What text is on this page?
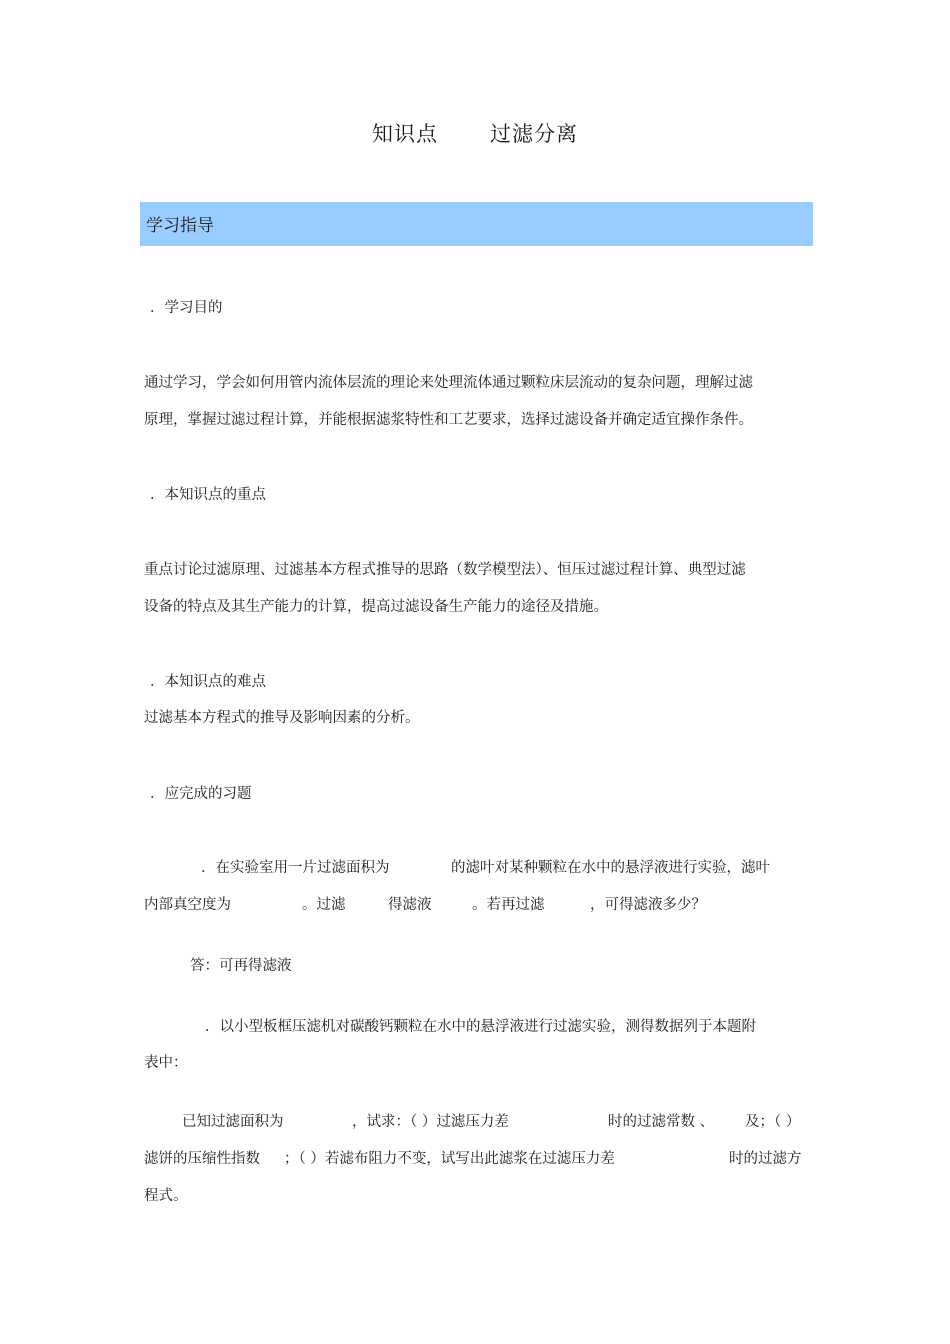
知识点 过滤分离
学习指导
．学习目的
通过学习，学会如何用管内流体层流的理论来处理流体通过颗粒床层流动的复杂问题，理解过滤
原理，掌握过滤过程计算，并能根据滤浆特性和工艺要求，选择过滤设备并确定适宜操作条件。
．本知识点的重点
重点讨论过滤原理、过滤基本方程式推导的思路（数学模型法）、恒压过滤过程计算、典型过滤
设备的特点及其生产能力的计算，提高过滤设备生产能力的途径及措施。
．本知识点的难点
过滤基本方程式的推导及影响因素的分析。
．应完成的习题
．在实验室用一片过滤面积为	的滤叶对某种颗粒在水中的悬浮液进行实验，滤叶
内部真空度为	。过滤	得滤液	。若再过滤	，可得滤液多少？
答：可再得滤液
．以小型板框压滤机对碳酸钙颗粒在水中的悬浮液进行过滤实验，测得数据列于本题附
表中：
已知过滤面积为	，试求：（ ）过滤压力差	时的过滤常数 、 及；（ ）
滤饼的压缩性指数 ；（ ）若滤布阻力不变，试写出此滤浆在过滤压力差	时的过滤方
程式。
